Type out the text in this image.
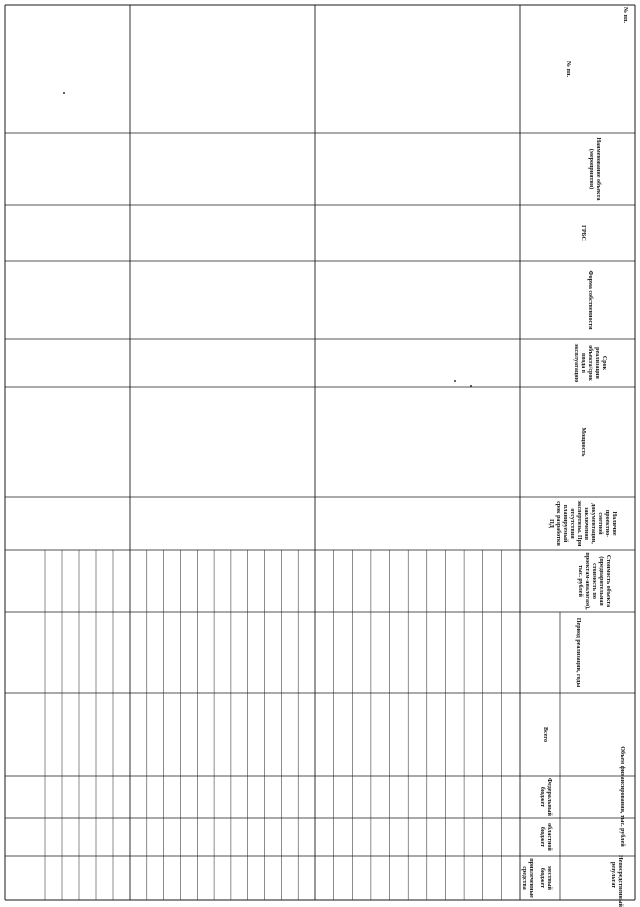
№ пп.
Наименование объекта (мероприятия)
ГРБС
Форма собственности
Срок реализации объекта/срок ввода в эксплуатацию
Мощность
Наличие проектно-сметной документации, заключения экспертизы. При отсутствии планируемый срок разработки ПД
Стоимость объекта (предварительная стоимость по проектам-аналогам), тыс. рублей
Период реализации, годы
Объем финансирования, тыс. рублей
Всего
Федеральный бюджет
областной бюджет
местный бюджет	Непосредственный результат
привлеченные средства
№ пп.
